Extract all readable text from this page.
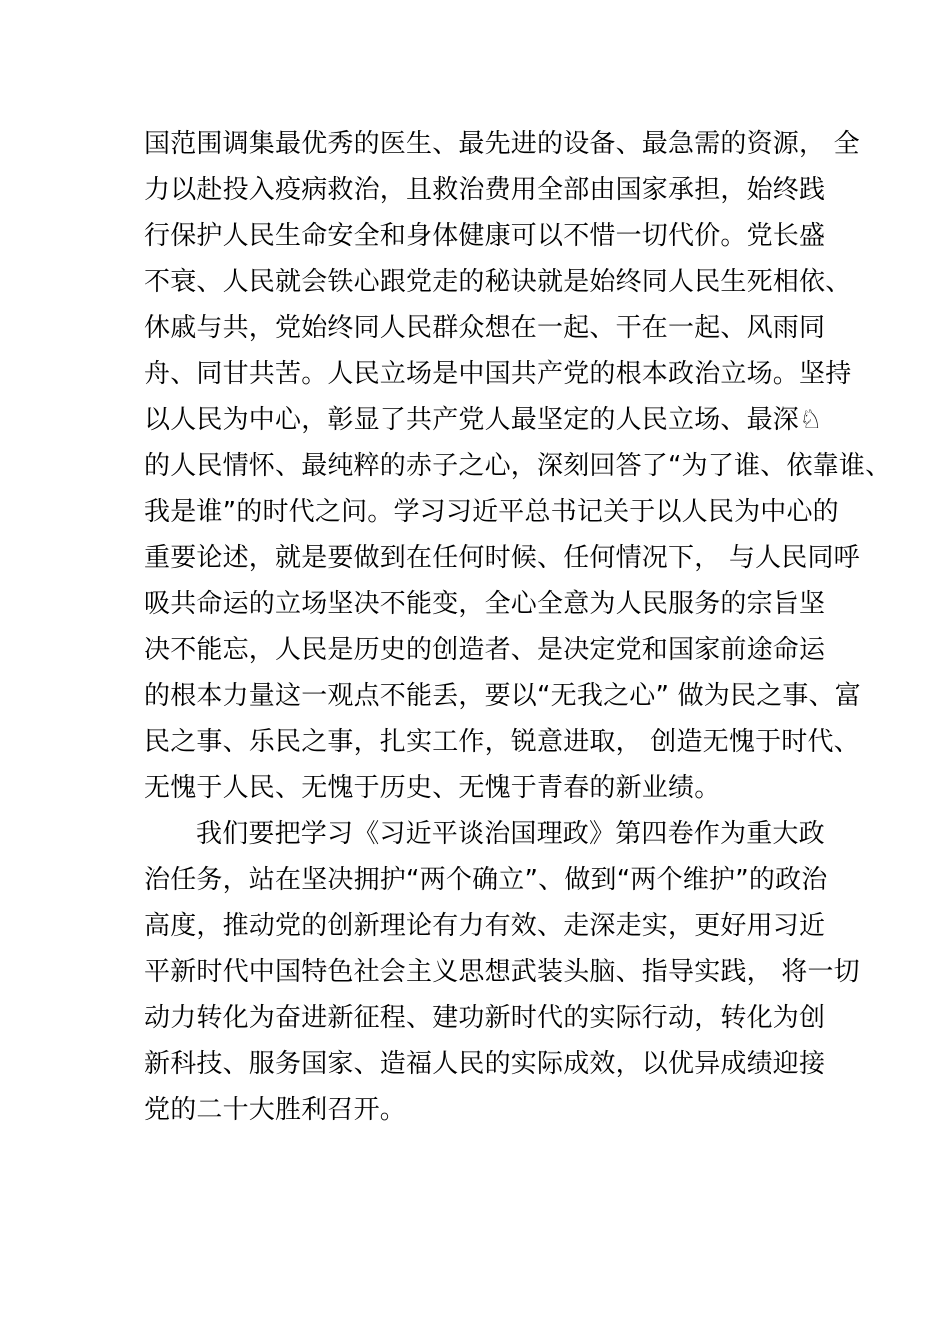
国范围调集最优秀的医生、最先进的设备、最急需的资源， 全
力以赴投入疫病救治，且救治费用全部由国家承担，始终践
行保护人民生命安全和身体健康可以不惜一切代价。党长盛
不衰、人民就会铁心跟党走的秘诀就是始终同人民生死相依、
休戚与共，党始终同人民群众想在一起、干在一起、风雨同
舟、同甘共苦。人民立场是中国共产党的根本政治立场。坚持
以人民为中心，彰显了共产党人最坚定的人民立场、最深♘
的人民情怀、最纯粹的赤子之心，深刻回答了“为了谁、依靠谁、
我是谁”的时代之问。学习习近平总书记关于以人民为中心的
重要论述，就是要做到在任何时候、任何情况下， 与人民同呼
吸共命运的立场坚决不能变，全心全意为人民服务的宗旨坚
决不能忘，人民是历史的创造者、是决定党和国家前途命运
的根本力量这一观点不能丢，要以“无我之心” 做为民之事、富
民之事、乐民之事，扎实工作，锐意进取， 创造无愧于时代、
无愧于人民、无愧于历史、无愧于青春的新业绩。
我们要把学习《习近平谈治国理政》第四卷作为重大政
治任务，站在坚决拥护“两个确立”、做到“两个维护”的政治
高度，推动党的创新理论有力有效、走深走实，更好用习近
平新时代中国特色社会主义思想武装头脑、指导实践， 将一切
动力转化为奋进新征程、建功新时代的实际行动，转化为创
新科技、服务国家、造福人民的实际成效，以优异成绩迎接
党的二十大胜利召开。
